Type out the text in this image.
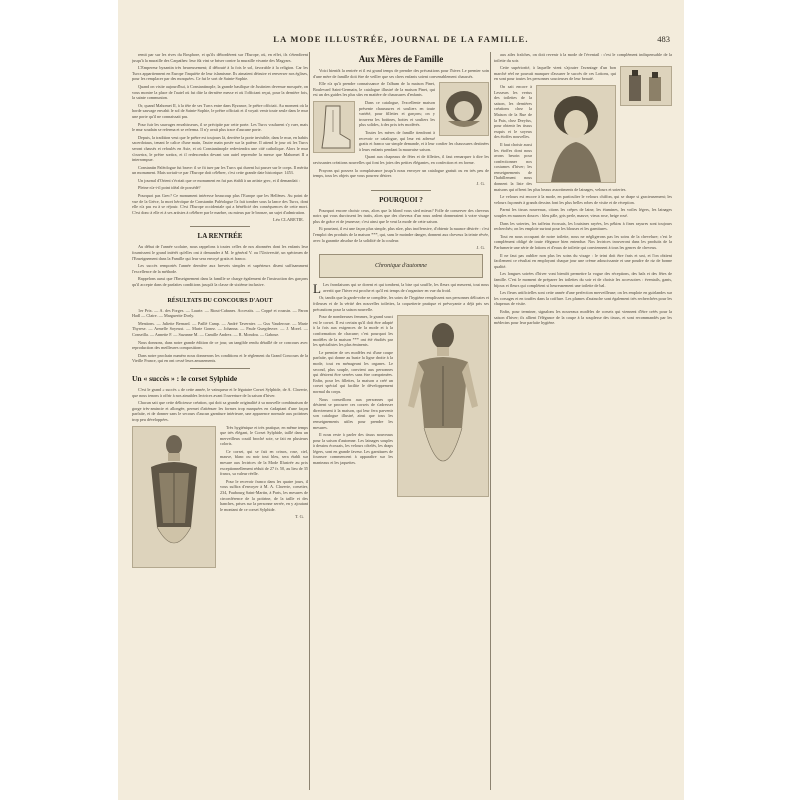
LA MODE ILLUSTRÉE, JOURNAL DE LA FAMILLE.	483

remit par sur les rives du Bosphore, et qu'ils débordèrent sur l'Europe, où, en effet, ils s'étendirent jusqu'à la muraille des Carpathes: leur fût vint se briser contre la muraille vivante des Magyars.

L'Empereur byzantin très heureusement; il débouté à la fois le sol, favorable à la religion. Car les Turcs appartiennent en Europe l'inquiète de leur islamisme. Ils aimaient détruire et renverser nos églises, pour les remplacer par des mosquées. Ce fut le sort de Sainte-Sophie.

Quand on visite aujourd'hui, à Constantinople, la grande basilique de Justinien devenue mosquée, on vous montre la place de l'autel où fut dite la dernière messe et où l'officiant reçut, pour la dernière fois, la sainte communion.

Or, quand Mahomet II, à la tête de ses Turcs entre dans Byzance, le prêtre officiait. Au moment où la horde sauvage envahit le sol de Sainte-Sophie, le prêtre officiait et il voyait venir toute seule dans le mur une porte qu'il ne connaissait pas.

Pour fuir les sauvages envahisseurs, il se précipite par cette porte. Les Turcs voulurent s'y ruer, mais le mur soudain se referma et se referma. Il n'y avait plus trace d'aucune porte.

Depuis, la tradition veut que le prêtre est toujours là, derrière la porte invisible, dans le mur, en habits sacerdotaux, tenant le calice d'une main, l'autre main posée sur la patène. Il attend le jour où les Turcs seront chassés et refoulés en Asie, et où Constantinople redeviendra une cité catholique. Alors le mur s'ouvrira, le prêtre sortira, et il redescendra devant son autel reprendre la messe que Mahomet II a interrompue.

Constantin Paléologue fut brave: il se fit tuer par les Turcs qui durent lui passer sur le corps. Il mérita un monument. Mais sortait-ce par l'Europe doit célébrer, c'est cette grande date historique: 1453.

Un journal d'Orient s'écriait que ce monument en fut pas établi à un artiste grec, et il demandait :

Pleine n'a-t-il point idéal de possédé?

Pourquoi pas Grec? Ce monument intéresse beaucoup plus l'Europe que les Hellènes. Au point de vue de la Grèce, la mort héroïque de Constantin Paléologue l'a fait tomber sous la lance des Turcs, dont elle n'a pas eu à se réjouir. C'est l'Europe occidentale qui a bénéficié des conséquences de cette mort. C'est donc à elle et à ses artistes à célébrer par le marbre, ou mieux par le bronze, un sujet d'admiration.

Léo CLARETIE.
LA RENTRÉE

Au début de l'année scolaire, nous rappelons à toutes celles de nos abonnées dont les enfants leur fournissent le grand intérêt qu'elles ont à demander à M. le général V. ou l'Université, un spécimen de l'Enseignement dans la Famille qui leur sera envoyé gratis et franco.

Les succès remportés l'année dernière aux brevets simples et supérieurs disent suffisamment l'excellence de la méthode.

Rappelons aussi que l'Enseignement dans la famille se charge également de l'instruction des garçons qu'il accepte dans de parfaites conditions jusqu'à la classe de sixième inclusive.

RÉSULTATS DU CONCOURS D'AOUT

1er Prix. — A. des Forges. — Laurie. — Riout-Cabanes. Accessits. — Coppé et roussin. — Paron Hadl — Claire. — Marguerite Dorly.

Mentions. — Juliette Bernard. — Paillé Camp. — André Tavernier. — Gus Vauderoue. — Marie Thyrese. — Armelle Soyeuxt. — Marie Gonez. — Johanna. — Paule Guegdesvre. — J. Morel. — Conseilla. — Annette F. — Suzanne M. — Camille Andrex. — R. Mondou. — Gaboue.

Nous donnons, dans notre grande édition de ce jour, un tangible rendu détaillé de ce concours avec reproduction des meilleures compositions.

Dans notre prochain numéro nous donnerons les conditions et le règlement du Grand Concours de la Vieille France, qui en ont cessé leurs amusements.

Un « succès » : le corset Sylphide

C'est le grand « succès » de cette année, le vainqueur et le légataire Corset Sylphide, de A. Claverie, que nous tenons à offrir à nos aimables lectrices avant l'ouverture de la saison d'hiver.

Chacun sait que cette délicieuse création, qui doit sa grande originalité à sa nouvelle combinaison de gorge très-amincie et allongée, permet d'atténuer les formes trop marquées en s'adaptant d'une façon parfaite, et de donner sans le secours d'aucun garniture intérieure, une apparence normale aux poitrines trop peu développées.

Très hygiénique et très pratique, en même temps que très élégant, le Corset Sylphide, taillé dans un merveilleux coutil broché soie, se fait en plusieurs coloris.

Ce corset, qui se fait en crinos, rose, ciel, mauve, blanc ou noir tout bleu, sera établi sur mesure aux lectrices de la Mode Illustrée au prix exceptionnellement réduit de 27 fr. 50, au lieu de 35 francs, sa valeur réelle.

Pour le recevoir franco dans les quatre jours, il vous suffira d'envoyer à M. A. Claverie, corsetier, 234, Faubourg Saint-Martin, à Paris, les mesures de circonférence de la poitrine, de la taille et des hanches, prises sur la personne serrée, en y ajoutant le montant de ce corset Sylphide.

T. G.
Aux Mères de Famille

Voici bientôt la rentrée et il est grand temps de prendre des précautions pour l'hiver. Le premier soin d'une mère de famille doit être de veiller que ses chers enfants soient convenablement chaussés.

Elle n'a qu'à prendre connaissance de l'album de la maison Pinet, Boulevard Saint-Germain, le catalogue illustré de la maison Pinet, qui est un des guides les plus sûrs en matière de chaussures d'enfants.

Dans ce catalogue, l'excellente maison présente chaussures et souliers en toute variété, pour fillettes et garçons; on y trouvera les bottines, bottes et souliers les plus solides, à des prix très modérés.

Toutes les mères de famille tiendront à recevoir ce catalogue, qui leur est adressé gratis et franco sur simple demande, et à leur confier les chaussures destinées à leurs enfants pendant la mauvaise saison.

Quant aux chapeaux de fêtes et de fillettes, il faut remarquer à dire les ravissantes créations nouvelles qui font les joies des petites élégantes, en confection et en forme.

Prayons qui pouvez la complaisance jusqu'à nous envoyer un catalogue gratuit ou en très peu de temps, tous les objets que vous pourrez désirer.

J. G.
POURQUOI ?

Pourquoi encore choisir ceux, alors que la blond vous sied mieux? Folle de conserver des cheveux noirs qui vous durcissent les traits, alors que des cheveux d'un roux ardent donneraient à votre visage plus de grâce et de jeunesse; c'est ainsi que le veut la mode de cette saison.

Et pourtant, il est une façon plus simple, plus sûre, plus inoffensive, d'obtenir la nuance désirée : c'est l'emploi des produits de la maison ***, qui, sans le moindre danger, donnent aux cheveux la teinte rêvée, avec la garantie absolue de la solidité de la couleur.

J. G.
Chronique d'automne
L Les frondaisons qui se dorent et qui tombent, la bise qui souffle, les fleurs qui meurent, tout nous avertit que l'hiver est proche et qu'il est temps de s'organiser en vue du froid.

Or, tandis que la garde-robe se complète, les soins de l'hygiène remplissent nos personnes délicates et frileuses et de la vérité des nouvelles toilettes, la coquetterie pratique et prévoyante a déjà pris ses précautions pour la saison nouvelle.

Pour de nombreuses femmes, le grand souci est le corset. Il est certain qu'il doit être adapté à la fois aux exigences de la mode et à la conformation de chacune; c'est pourquoi les modèles de la maison *** ont été étudiés par les spécialistes les plus éminents.

Le premier de ces modèles est d'une coupe parfaite, qui donne au buste la ligne droite à la mode, tout en ménageant les organes. Le second, plus souple, convient aux personnes qui désirent être serrées sans être comprimées. Enfin, pour les fillettes, la maison a créé un corset spécial qui facilite le développement normal du corps.

Nous conseillons aux personnes qui désirent se procurer ces corsets de s'adresser directement à la maison, qui leur fera parvenir son catalogue illustré, ainsi que tous les renseignements utiles pour prendre les mesures.

Il nous reste à parler des tissus nouveaux pour la saison d'automne. Les lainages souples à dessins écossais, les velours côtelés, les draps légers, sont en grande faveur. Les garnitures de fourrure commencent à apparaître sur les manteaux et les jaquettes.

aux ailes fraîches, on doit revenir à la mode de l'éventail : c'est le complément indispensable de la toilette du soir.

Cette supériorité, à laquelle vient s'ajouter l'avantage d'un bon marché réel ne pouvait manquer d'assurer le succès de ces Lotions, qui en sont pour toutes les personnes soucieuses de leur beauté.

On sait encore à Lesseurs les vertus des toilettes de la saison, les dernières créations chez la Maison de la Rue de la Paix, chez Dreyfus, pour obtenir les tissus exquis et le soyeux des étoffes nouvelles.

Il faut choisir aussi les étoffes dont nous avons besoin pour confectionner nos costumes d'hiver; les renseignements de l'habillement nous donnent la liste des maisons qui offrent les plus beaux assortiments de lainages, velours et soieries.

Le velours est encore à la mode, en particulier le velours chiffon, qui se drape si gracieusement; les velours façonnés à grands dessins font les plus belles robes de visite et de réception.

Parmi les tissus nouveaux, citons les crêpes de laine, les étamines, les voiles légers, les lainages souples en nuances douces : bleu pâle, gris perle, mauve, vieux rose, beige rosé.

Dans les soieries, les taffetas écossais, les louisines rayées, les pékins à fines rayures sont toujours recherchés; on les emploie surtout pour les blouses et les garnitures.

Tout en nous occupant de notre toilette, nous ne négligerons pas les soins de la chevelure; c'est le complément obligé de toute élégance bien entendue. Nos lectrices trouveront dans les produits de la Parfumerie une série de lotions et d'eaux de toilette qui conviennent à tous les genres de cheveux.

Il ne faut pas oublier non plus les soins du visage : le teint doit être frais et uni, et l'on obtient facilement ce résultat en employant chaque jour une crème adoucissante et une poudre de riz de bonne qualité.

Les longues soirées d'hiver vont bientôt permettre la vogue des réceptions, des bals et des fêtes de famille. C'est le moment de préparer les toilettes du soir et de choisir les accessoires : éventails, gants, bijoux et fleurs qui complètent si heureusement une toilette de bal.

Les fleurs artificielles sont cette année d'une perfection merveilleuse; on les emploie en guirlandes sur les corsages et en touffes dans la coiffure. Les plumes d'autruche sont également très recherchées pour les chapeaux de visite.

Enfin, pour terminer, signalons les nouveaux modèles de corsets qui viennent d'être créés pour la saison d'hiver; ils allient l'élégance de la coupe à la souplesse des tissus, et sont recommandés par les médecins pour leur parfaite hygiène.
